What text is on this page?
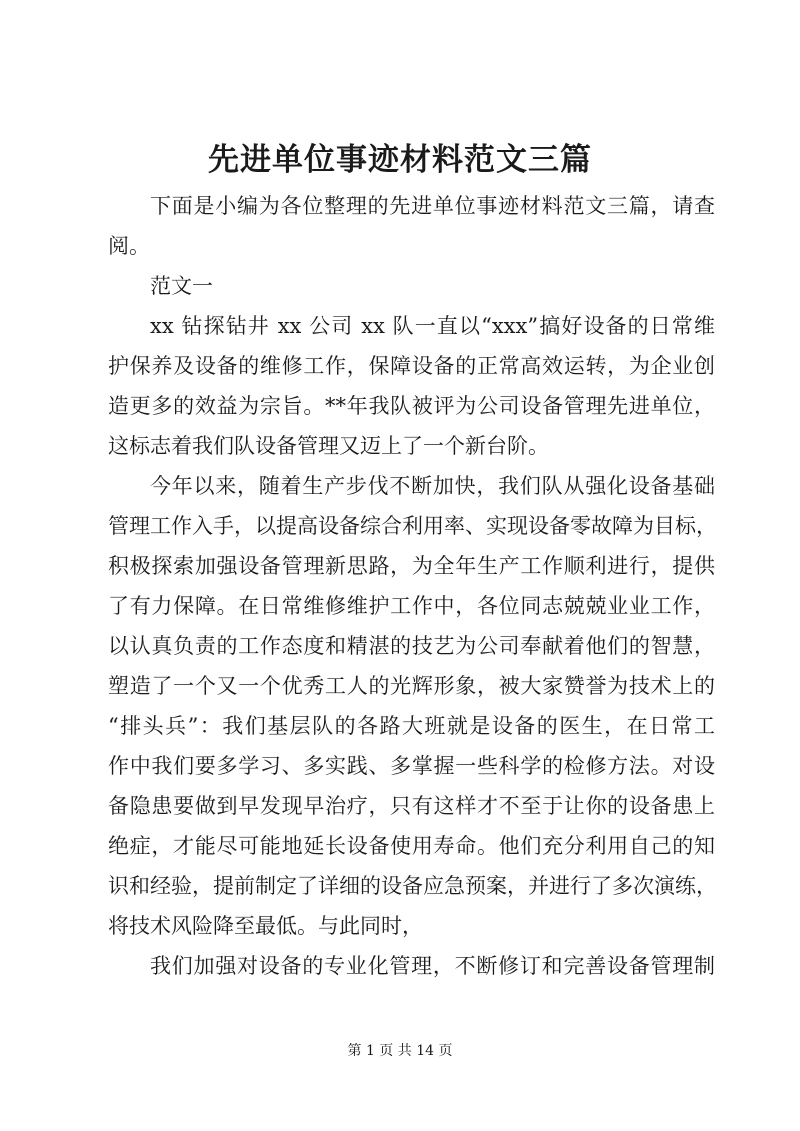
先进单位事迹材料范文三篇
下面是小编为各位整理的先进单位事迹材料范文三篇，请查
阅。
范文一
xx 钻探钻井 xx 公司 xx 队一直以“xxx”搞好设备的日常维
护保养及设备的维修工作，保障设备的正常高效运转，为企业创
造更多的效益为宗旨。**年我队被评为公司设备管理先进单位，
这标志着我们队设备管理又迈上了一个新台阶。
今年以来，随着生产步伐不断加快，我们队从强化设备基础
管理工作入手，以提高设备综合利用率、实现设备零故障为目标，
积极探索加强设备管理新思路，为全年生产工作顺利进行，提供
了有力保障。在日常维修维护工作中，各位同志兢兢业业工作，
以认真负责的工作态度和精湛的技艺为公司奉献着他们的智慧，
塑造了一个又一个优秀工人的光辉形象，被大家赞誉为技术上的
“排头兵”：我们基层队的各路大班就是设备的医生，在日常工
作中我们要多学习、多实践、多掌握一些科学的检修方法。对设
备隐患要做到早发现早治疗，只有这样才不至于让你的设备患上
绝症，才能尽可能地延长设备使用寿命。他们充分利用自己的知
识和经验，提前制定了详细的设备应急预案，并进行了多次演练，
将技术风险降至最低。与此同时，
我们加强对设备的专业化管理，不断修订和完善设备管理制
第 1 页 共 14 页
